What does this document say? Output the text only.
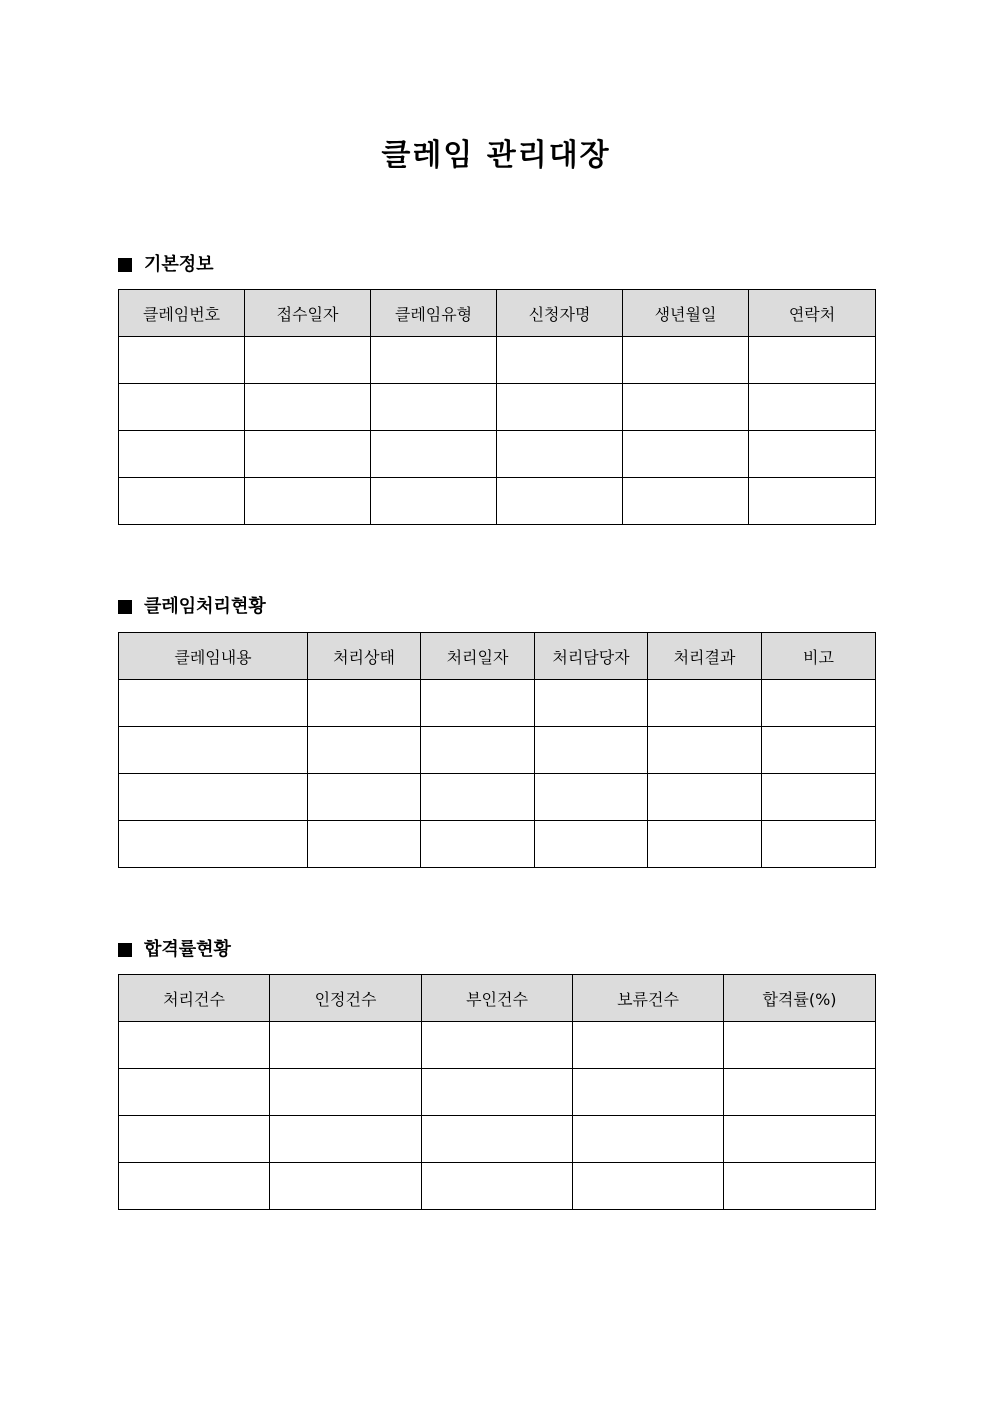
클레임 관리대장
기본정보
클레임번호	접수일자	클레임유형	신청자명	생년월일	연락처

클레임처리현황
클레임내용	처리상태	처리일자	처리담당자	처리결과	비고

합격률현황
처리건수	인정건수	부인건수	보류건수	합격률(%)
